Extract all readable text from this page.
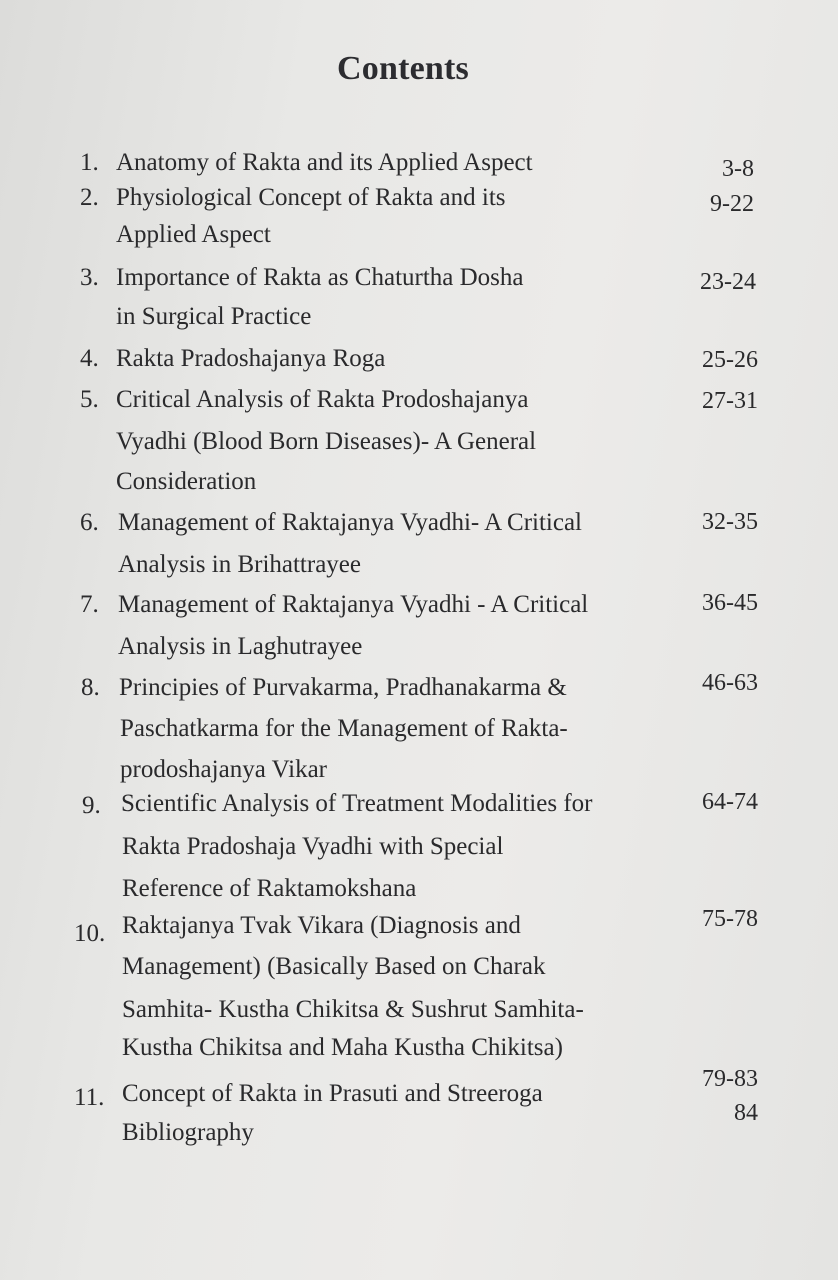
Contents
1. Anatomy of Rakta and its Applied Aspect	3-8
2. Physiological Concept of Rakta and its
Applied Aspect
9-22
3. Importance of Rakta as Chaturtha Dosha
in Surgical Practice
23-24
4. Rakta Pradoshajanya Roga	25-26
5. Critical Analysis of Rakta Prodoshajanya
Vyadhi (Blood Born Diseases)- A General
Consideration
27-31
6. Management of Raktajanya Vyadhi- A Critical
Analysis in Brihattrayee
32-35
7. Management of Raktajanya Vyadhi - A Critical
Analysis in Laghutrayee
36-45
8. Principies of Purvakarma, Pradhanakarma &
Paschatkarma for the Management of Rakta-
prodoshajanya Vikar
46-63
9. Scientific Analysis of Treatment Modalities for
Rakta Pradoshaja Vyadhi with Special
Reference of Raktamokshana
64-74
10. Raktajanya Tvak Vikara (Diagnosis and
Management) (Basically Based on Charak
Samhita- Kustha Chikitsa & Sushrut Samhita-
Kustha Chikitsa and Maha Kustha Chikitsa)
75-78
11. Concept of Rakta in Prasuti and Streeroga
79-83
Bibliography
84
